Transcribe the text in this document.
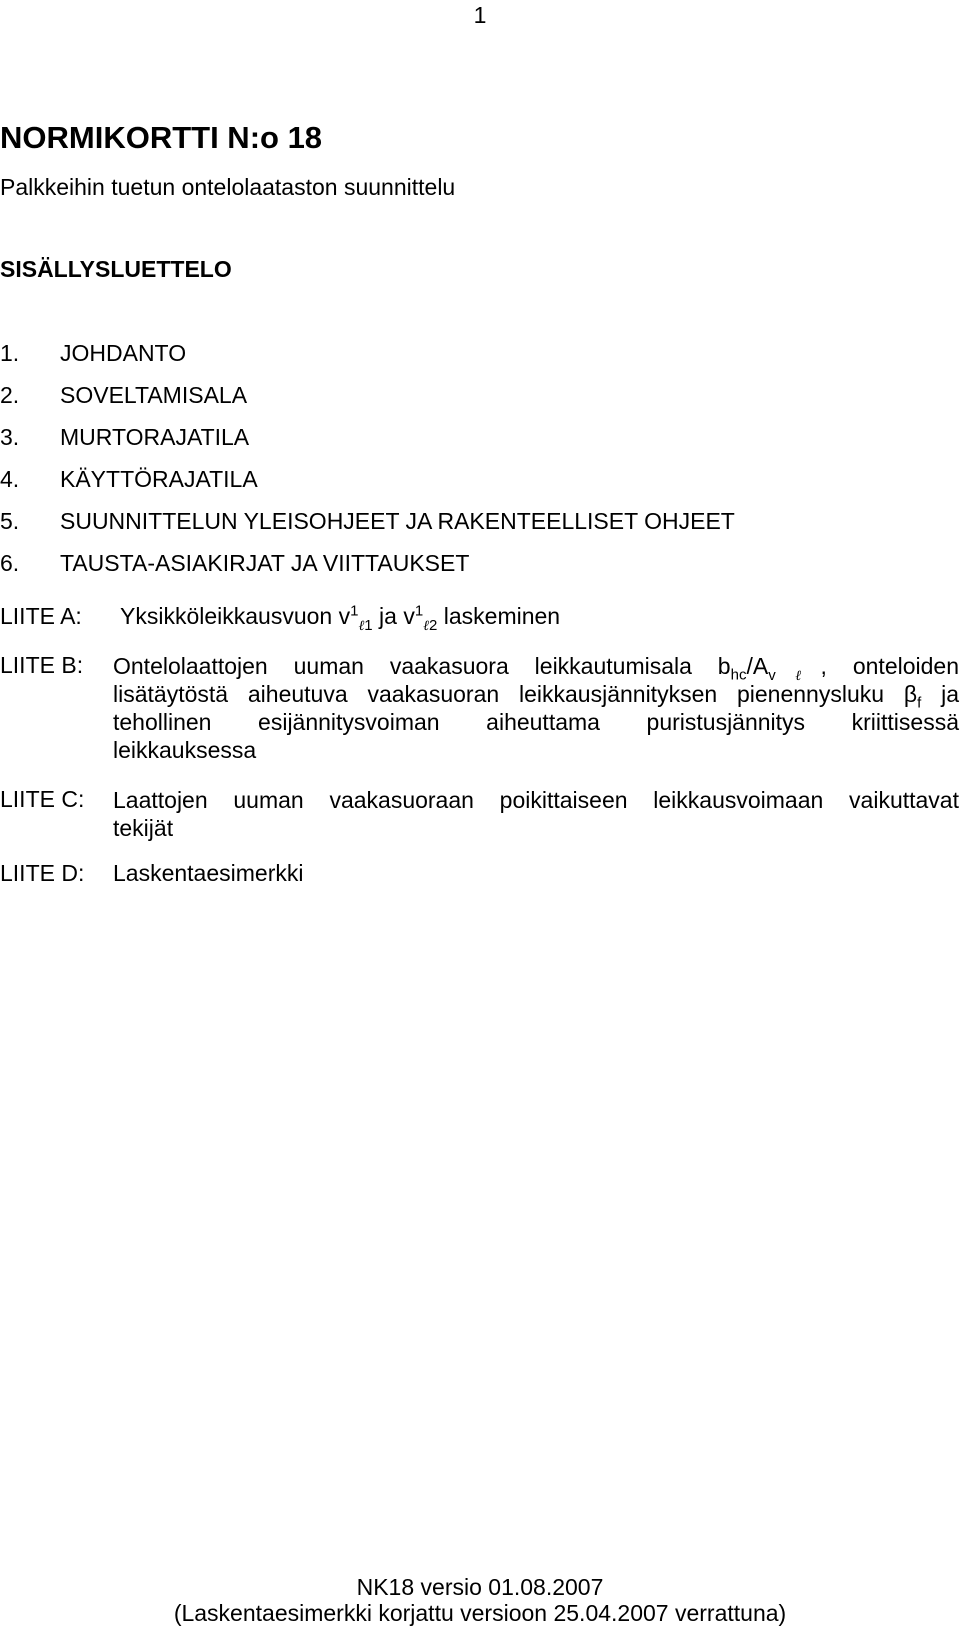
1
NORMIKORTTI N:o 18
Palkkeihin tuetun ontelolaataston suunnittelu
SISÄLLYSLUETTELO
1. JOHDANTO
2. SOVELTAMISALA
3. MURTORAJATILA
4. KÄYTTÖRAJATILA
5. SUUNNITTELUN YLEISOHJEET JA RAKENTEELLISET OHJEET
6. TAUSTA-ASIAKIRJAT JA VIITTAUKSET
LIITE A: Yksikköleikkausvuon $v^1_{\ell 1}$ ja $v^1_{\ell 2}$ laskeminen
LIITE B: Ontelolaattojen uuman vaakasuora leikkautumisala $b_{hc}/A_{v\ell}$, onteloiden
lisätäytöstä aiheutuva vaakasuoran leikkausjännityksen pienennysluku $\beta_f$ ja
tehollinen esijännitysvoiman aiheuttama puristusjännitys kriittisessä
leikkauksessa
LIITE C: Laattojen uuman vaakasuoraan poikittaiseen leikkausvoimaan vaikuttavat
tekijät
LIITE D: Laskentaesimerkki
NK18 versio 01.08.2007
(Laskentaesimerkki korjattu versioon 25.04.2007 verrattuna)
